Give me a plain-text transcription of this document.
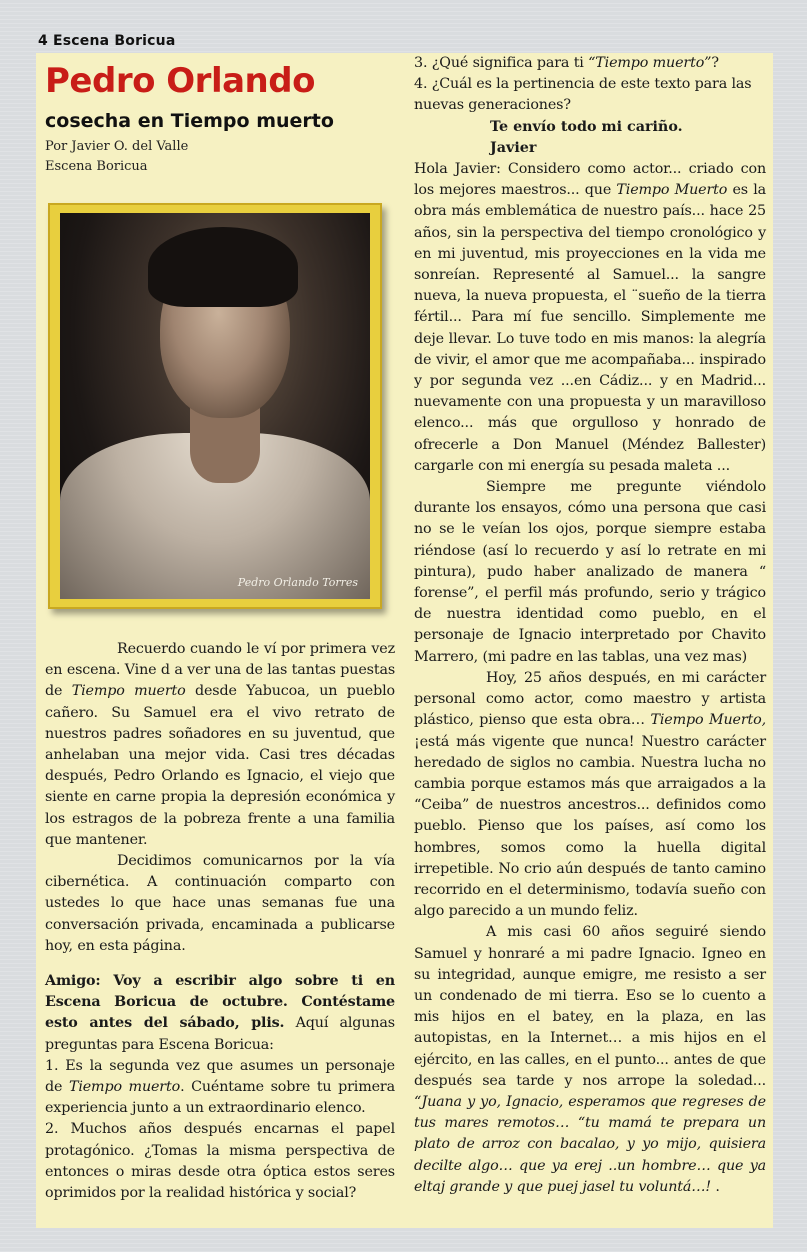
4 Escena Boricua
Pedro Orlando
cosecha en Tiempo muerto
Por Javier O. del Valle
Escena Boricua
Pedro Orlando Torres

Recuerdo cuando le ví por primera vez en escena. Vine d a ver una de las tantas puestas de Tiempo muerto desde Yabucoa, un pueblo cañero. Su Samuel era el vivo retrato de nuestros padres soñadores en su juventud, que anhelaban una mejor vida. Casi tres décadas después, Pedro Orlando es Ignacio, el viejo que siente en carne propia la depresión económica y los estragos de la pobreza frente a una familia que mantener.

Decidimos comunicarnos por la vía cibernética. A continuación comparto con ustedes lo que hace unas semanas fue una conversación privada, encaminada a publicarse hoy, en esta página.

Amigo: Voy a escribir algo sobre ti en Escena Boricua de octubre. Contéstame esto antes del sábado, plis. Aquí algunas preguntas para Escena Boricua:

1. Es la segunda vez que asumes un personaje de Tiempo muerto. Cuéntame sobre tu primera experiencia junto a un extraordinario elenco.

2. Muchos años después encarnas el papel protagónico. ¿Tomas la misma perspectiva de entonces o miras desde otra óptica estos seres oprimidos por la realidad histórica y social?

3. ¿Qué significa para ti “Tiempo muerto”?

4. ¿Cuál es la pertinencia de este texto para las nuevas generaciones?

Te envío todo mi cariño.

Javier

Hola Javier: Considero como actor... criado con los mejores maestros... que Tiempo Muerto es la obra más emblemática de nuestro país... hace 25 años, sin la perspectiva del tiempo cronológico y en mi juventud, mis proyecciones en la vida me sonreían. Representé al Samuel... la sangre nueva, la nueva propuesta, el ¨sueño de la tierra fértil... Para mí fue sencillo. Simplemente me deje llevar. Lo tuve todo en mis manos: la alegría de vivir, el amor que me acompañaba... inspirado y por segunda vez ...en Cádiz... y en Madrid... nuevamente con una propuesta y un maravilloso elenco... más que orgulloso y honrado de ofrecerle a Don Manuel (Méndez Ballester) cargarle con mi energía su pesada maleta ...

Siempre me pregunte viéndolo durante los ensayos, cómo una persona que casi no se le veían los ojos, porque siempre estaba riéndose (así lo recuerdo y así lo retrate en mi pintura), pudo haber analizado de manera “ forense”, el perfil más profundo, serio y trágico de nuestra identidad como pueblo, en el personaje de Ignacio interpretado por Chavito Marrero, (mi padre en las tablas, una vez mas)

Hoy, 25 años después, en mi carácter personal como actor, como maestro y artista plástico, pienso que esta obra… Tiempo Muerto, ¡está más vigente que nunca! Nuestro carácter heredado de siglos no cambia. Nuestra lucha no cambia porque estamos más que arraigados a la “Ceiba” de nuestros ancestros... definidos como pueblo. Pienso que los países, así como los hombres, somos como la huella digital irrepetible. No crio aún después de tanto camino recorrido en el determinismo, todavía sueño con algo parecido a un mundo feliz.

A mis casi 60 años seguiré siendo Samuel y honraré a mi padre Ignacio. Igneo en su integridad, aunque emigre, me resisto a ser un condenado de mi tierra. Eso se lo cuento a mis hijos en el batey, en la plaza, en las autopistas, en la Internet… a mis hijos en el ejército, en las calles, en el punto... antes de que después sea tarde y nos arrope la soledad... “Juana y yo, Ignacio, esperamos que regreses de tus mares remotos… “tu mamá te prepara un plato de arroz con bacalao, y yo mijo, quisiera decilte algo… que ya erej ..un hombre… que ya eltaj grande y que puej jasel tu voluntá…! .
